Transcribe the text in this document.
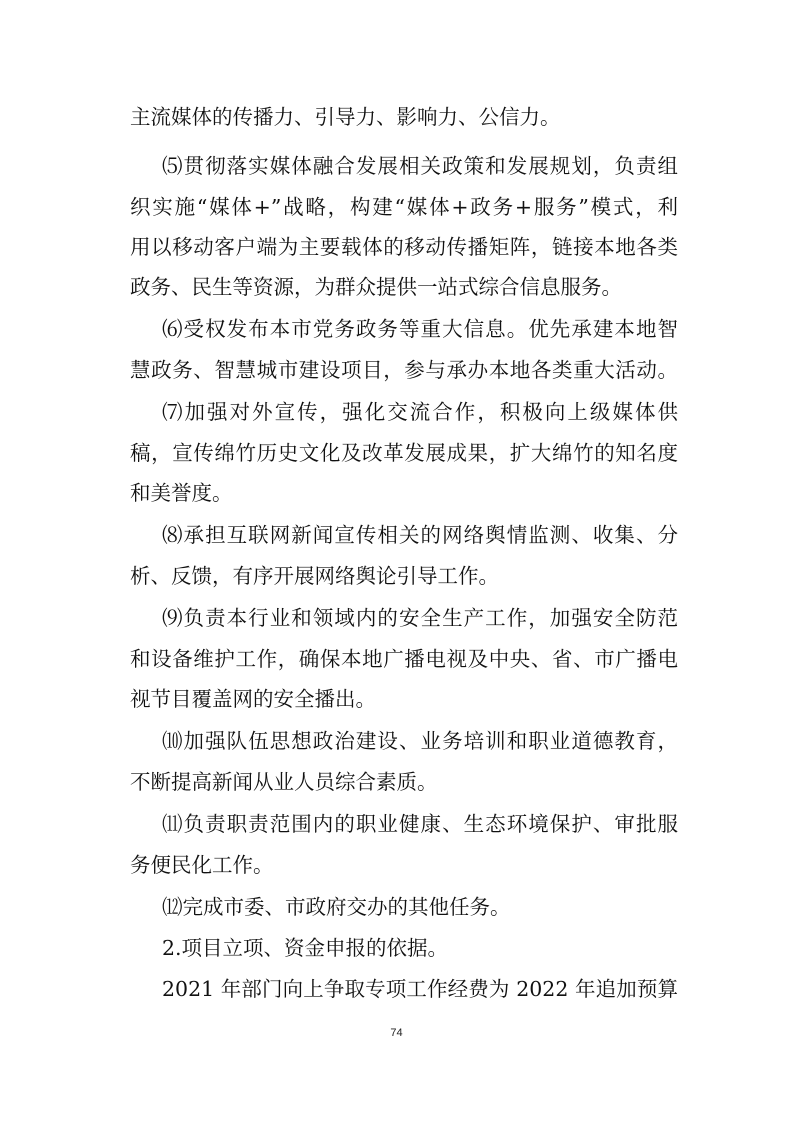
主流媒体的传播力、引导力、影响力、公信力。
⑸贯彻落实媒体融合发展相关政策和发展规划，负责组
织实施“媒体+”战略，构建“媒体+政务+服务”模式，利
用以移动客户端为主要载体的移动传播矩阵，链接本地各类
政务、民生等资源，为群众提供一站式综合信息服务。
⑹受权发布本市党务政务等重大信息。优先承建本地智
慧政务、智慧城市建设项目，参与承办本地各类重大活动。
⑺加强对外宣传，强化交流合作，积极向上级媒体供
稿，宣传绵竹历史文化及改革发展成果，扩大绵竹的知名度
和美誉度。
⑻承担互联网新闻宣传相关的网络舆情监测、收集、分
析、反馈，有序开展网络舆论引导工作。
⑼负责本行业和领域内的安全生产工作，加强安全防范
和设备维护工作，确保本地广播电视及中央、省、市广播电
视节目覆盖网的安全播出。
⑽加强队伍思想政治建设、业务培训和职业道德教育，
不断提高新闻从业人员综合素质。
⑾负责职责范围内的职业健康、生态环境保护、审批服
务便民化工作。
⑿完成市委、市政府交办的其他任务。
2.项目立项、资金申报的依据。
2021 年部门向上争取专项工作经费为 2022 年追加预算
74
